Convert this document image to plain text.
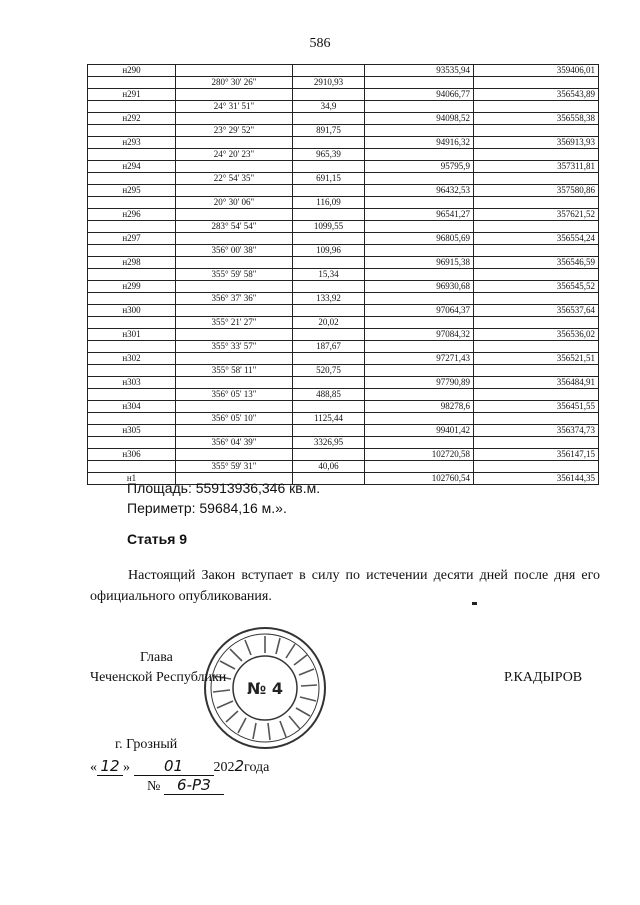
586
н290			93535,94	359406,01
	280° 30' 26"	2910,93		
н291			94066,77	356543,89
	24° 31' 51"	34,9		
н292			94098,52	356558,38
	23° 29' 52"	891,75		
н293			94916,32	356913,93
	24° 20' 23"	965,39		
н294			95795,9	357311,81
	22° 54' 35"	691,15		
н295			96432,53	357580,86
	20° 30' 06"	116,09		
н296			96541,27	357621,52
	283° 54' 54"	1099,55		
н297			96805,69	356554,24
	356° 00' 38"	109,96		
н298			96915,38	356546,59
	355° 59' 58"	15,34		
н299			96930,68	356545,52
	356° 37' 36"	133,92		
н300			97064,37	356537,64
	355° 21' 27"	20,02		
н301			97084,32	356536,02
	355° 33' 57"	187,67		
н302			97271,43	356521,51
	355° 58' 11"	520,75		
н303			97790,89	356484,91
	356° 05' 13"	488,85		
н304			98278,6	356451,55
	356° 05' 10"	1125,44		
н305			99401,42	356374,73
	356° 04' 39"	3326,95		
н306			102720,58	356147,15
	355° 59' 31"	40,06		
н1			102760,54	356144,35
Площадь: 55913936,346 кв.м.
Периметр: 59684,16 м.».
Статья 9
Настоящий Закон вступает в силу по истечении десяти дней после дня его официального опубликования.
№ 4
Глава
Чеченской Республики	Р.КАДЫРОВ
г. Грозный
« 12 » 01 2022года
№ 6-РЗ
